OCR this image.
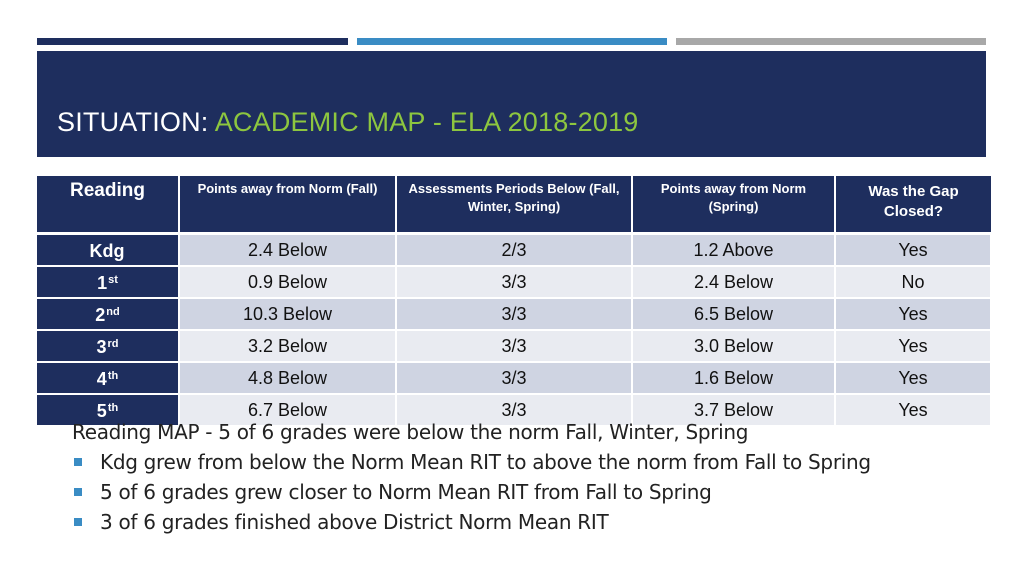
SITUATION: ACADEMIC MAP - ELA 2018-2019
Reading	Points away from Norm (Fall)	Assessments Periods Below (Fall, Winter, Spring)	Points away from Norm (Spring)	Was the Gap Closed?
Kdg	2.4 Below	2/3	1.2 Above	Yes
1st	0.9 Below	3/3	2.4 Below	No
2nd	10.3 Below	3/3	6.5 Below	Yes
3rd	3.2 Below	3/3	3.0 Below	Yes
4th	4.8 Below	3/3	1.6 Below	Yes
5th	6.7 Below	3/3	3.7 Below	Yes

Reading MAP - 5 of 6 grades were below the norm Fall, Winter, Spring

Kdg grew from below the Norm Mean RIT to above the norm from Fall to Spring
5 of 6 grades grew closer to Norm Mean RIT from Fall to Spring
3 of 6 grades finished above District Norm Mean RIT
